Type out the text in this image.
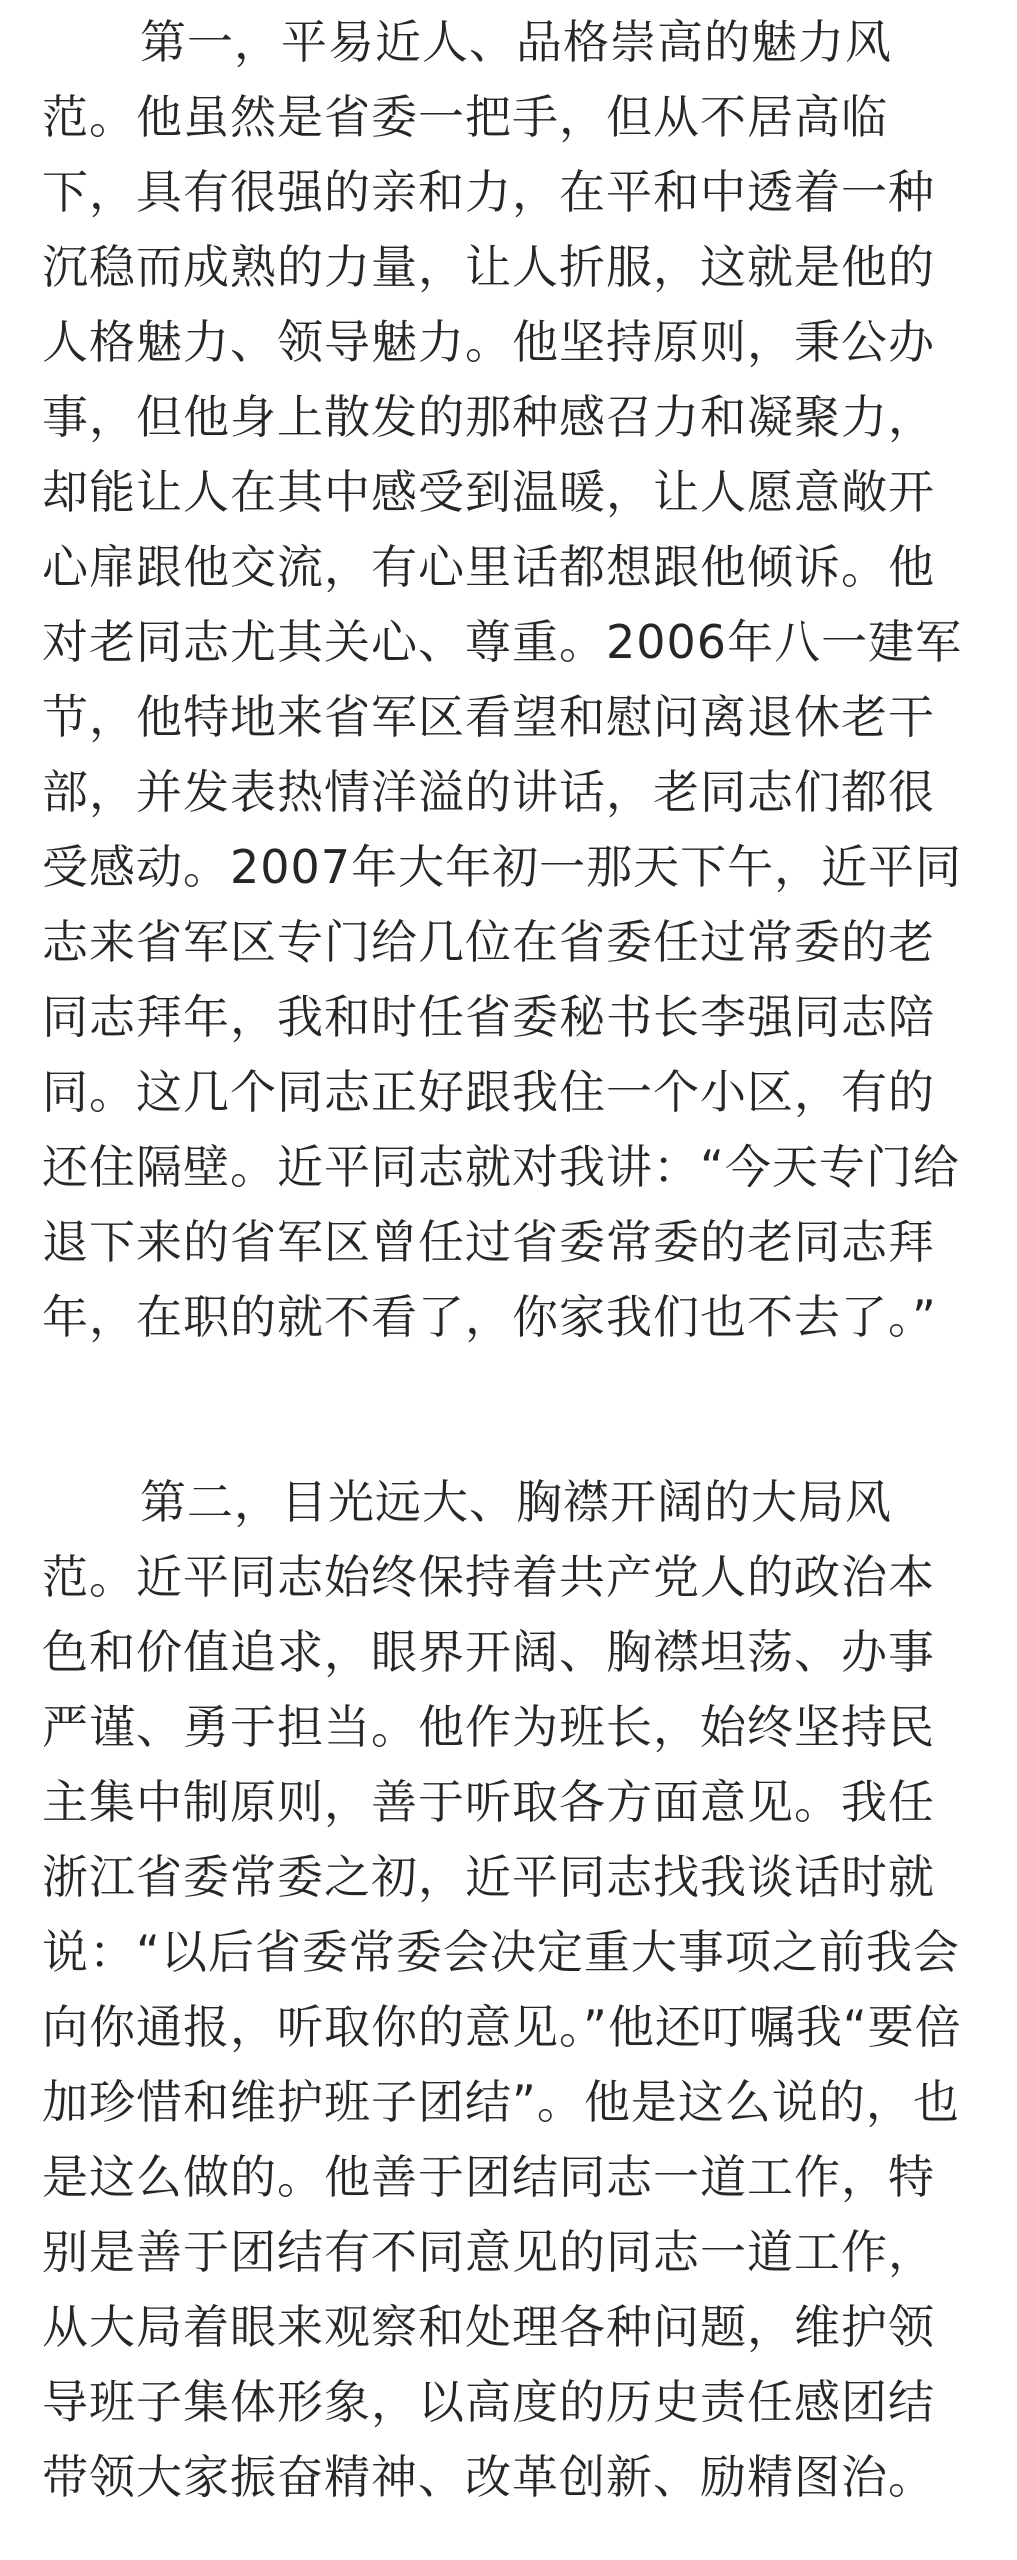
第一，平易近人、品格崇高的魅力风
范。他虽然是省委一把手，但从不居高临
下，具有很强的亲和力，在平和中透着一种
沉稳而成熟的力量，让人折服，这就是他的
人格魅力、领导魅力。他坚持原则，秉公办
事，但他身上散发的那种感召力和凝聚力，
却能让人在其中感受到温暖，让人愿意敞开
心扉跟他交流，有心里话都想跟他倾诉。他
对老同志尤其关心、尊重。2006年八一建军
节，他特地来省军区看望和慰问离退休老干
部，并发表热情洋溢的讲话，老同志们都很
受感动。2007年大年初一那天下午，近平同
志来省军区专门给几位在省委任过常委的老
同志拜年，我和时任省委秘书长李强同志陪
同。这几个同志正好跟我住一个小区，有的
还住隔壁。近平同志就对我讲：“今天专门给
退下来的省军区曾任过省委常委的老同志拜
年，在职的就不看了，你家我们也不去了。”
第二，目光远大、胸襟开阔的大局风
范。近平同志始终保持着共产党人的政治本
色和价值追求，眼界开阔、胸襟坦荡、办事
严谨、勇于担当。他作为班长，始终坚持民
主集中制原则，善于听取各方面意见。我任
浙江省委常委之初，近平同志找我谈话时就
说：“以后省委常委会决定重大事项之前我会
向你通报，听取你的意见。”他还叮嘱我“要倍
加珍惜和维护班子团结”。他是这么说的，也
是这么做的。他善于团结同志一道工作，特
别是善于团结有不同意见的同志一道工作，
从大局着眼来观察和处理各种问题，维护领
导班子集体形象，以高度的历史责任感团结
带领大家振奋精神、改革创新、励精图治。
